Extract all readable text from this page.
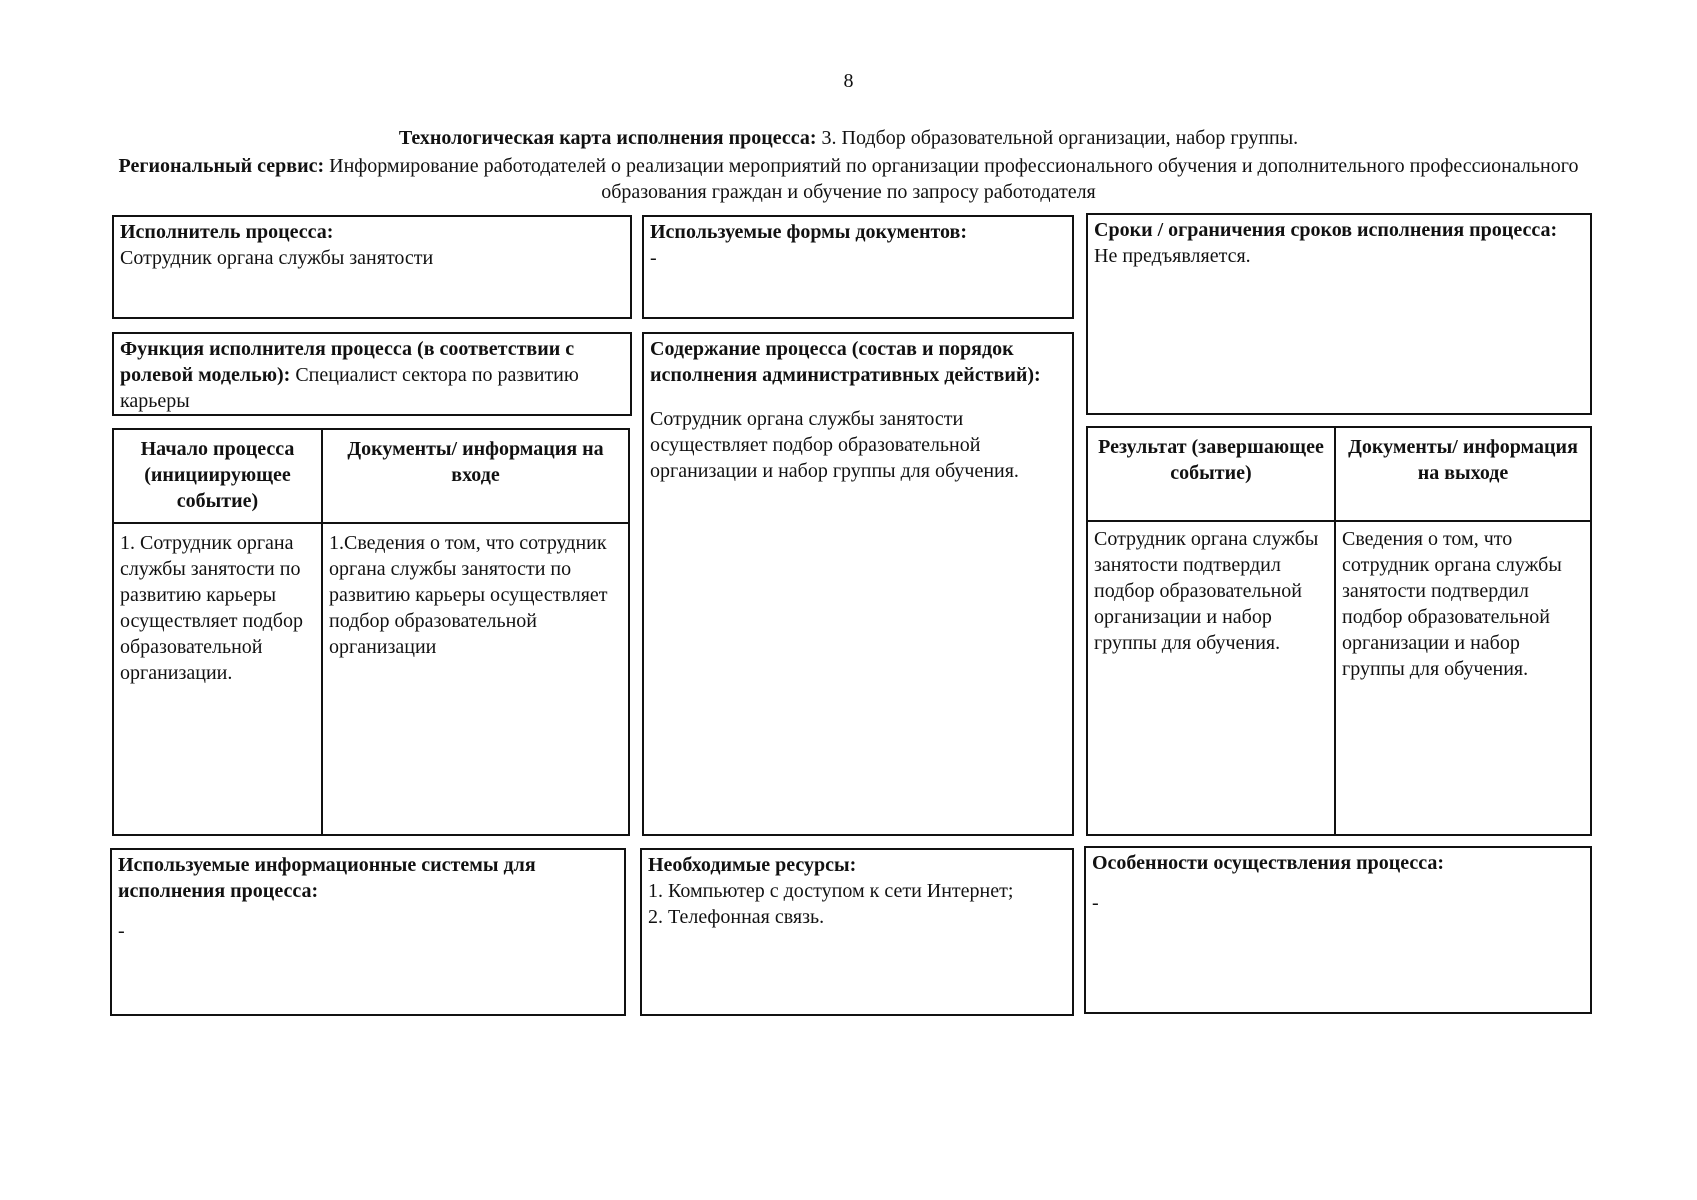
8
Технологическая карта исполнения процесса: 3. Подбор образовательной организации, набор группы.
Региональный сервис: Информирование работодателей о реализации мероприятий по организации профессионального обучения и дополнительного профессионального образования граждан и обучение по запросу работодателя
Исполнитель процесса:
Сотрудник органа службы занятости
Используемые формы документов:
-
Сроки / ограничения сроков исполнения процесса:
Не предъявляется.
Функция исполнителя процесса (в соответствии с ролевой моделью): Специалист сектора по развитию карьеры
Содержание процесса (состав и порядок исполнения административных действий):
Сотрудник органа службы занятости осуществляет подбор образовательной организации и набор группы для обучения.
Начало процесса (инициирующее событие)
Документы/ информация на входе
1. Сотрудник органа службы занятости по развитию карьеры осуществляет подбор образовательной организации.
1.Сведения о том, что сотрудник органа службы занятости по развитию карьеры осуществляет подбор образовательной организации
Результат (завершающее событие)
Документы/ информация на выходе
Сотрудник органа службы занятости подтвердил подбор образовательной организации и набор группы для обучения.
Сведения о том, что сотрудник органа службы занятости подтвердил подбор образовательной организации и набор группы для обучения.
Используемые информационные системы для исполнения процесса:
-
Необходимые ресурсы:
1. Компьютер с доступом к сети Интернет;
2. Телефонная связь.
Особенности осуществления процесса:
-
